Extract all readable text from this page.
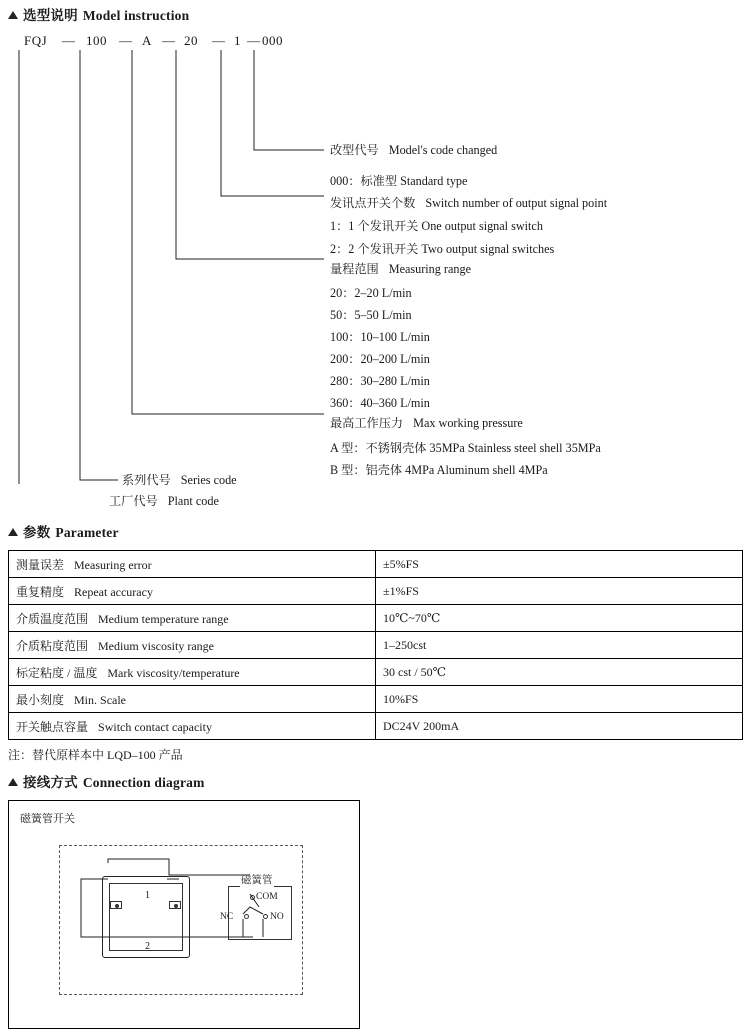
选型说明 Model instruction
FQJ — 100 — A — 20 — 1 — 000
改型代号 Model's code changed
000：标准型 Standard type
发讯点开关个数 Switch number of output signal point
1：1 个发讯开关 One output signal switch
2：2 个发讯开关 Two output signal switches
量程范围 Measuring range
20：2–20 L/min
50：5–50 L/min
100：10–100 L/min
200：20–200 L/min
280：30–280 L/min
360：40–360 L/min
最高工作压力 Max working pressure
A 型：不锈钢壳体 35MPa Stainless steel shell 35MPa
B 型：铝壳体 4MPa Aluminum shell 4MPa
系列代号 Series code
工厂代号 Plant code
参数 Parameter
测量误差 Measuring error	±5%FS
重复精度 Repeat accuracy	±1%FS
介质温度范围 Medium temperature range	10℃~70℃
介质粘度范围 Medium viscosity range	1–250cst
标定粘度 / 温度 Mark viscosity/temperature	30 cst / 50℃
最小刻度 Min. Scale	10%FS
开关触点容量 Switch contact capacity	DC24V 200mA
注：替代原样本中 LQD–100 产品
接线方式 Connection diagram
磁簧管开关
1
2
磁簧管
COM
NC	NO
